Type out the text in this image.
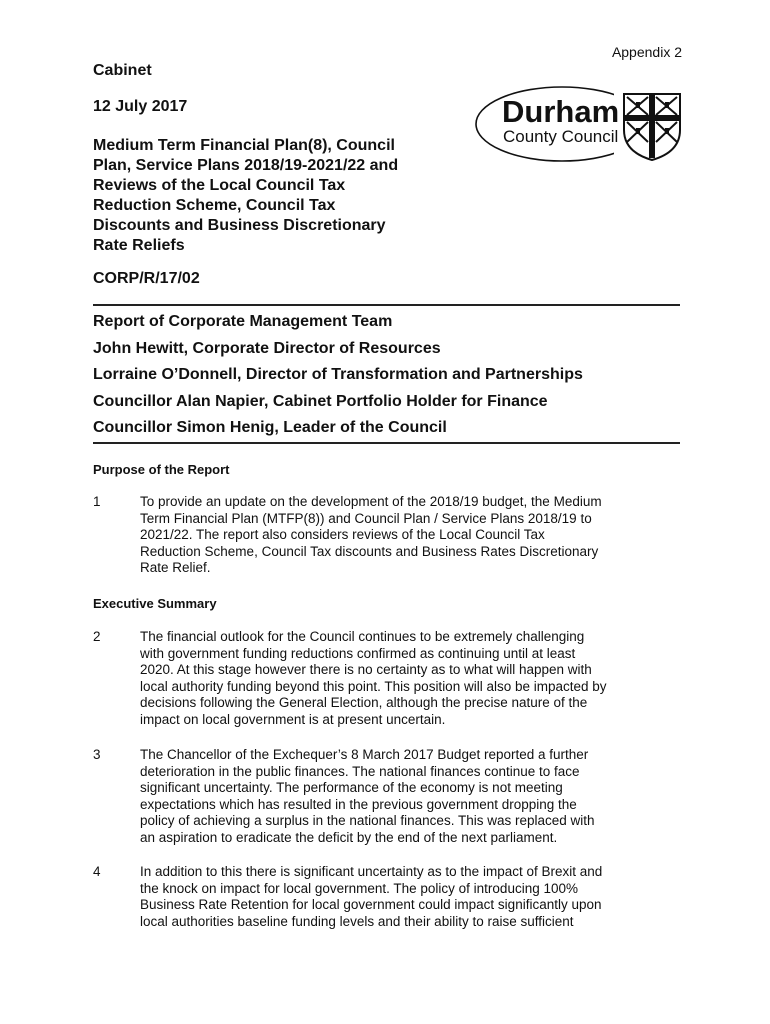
Appendix 2
Cabinet
12 July 2017
Medium Term Financial Plan(8), Council
Plan, Service Plans 2018/19-2021/22 and
Reviews of the Local Council Tax
Reduction Scheme, Council Tax
Discounts and Business Discretionary
Rate Reliefs
CORP/R/17/02
Durham
County Council
Report of Corporate Management Team
John Hewitt, Corporate Director of Resources
Lorraine O’Donnell, Director of Transformation and Partnerships
Councillor Alan Napier, Cabinet Portfolio Holder for Finance
Councillor Simon Henig, Leader of the Council
Purpose of the Report
1	To provide an update on the development of the 2018/19 budget, the Medium
Term Financial Plan (MTFP(8)) and Council Plan / Service Plans 2018/19 to
2021/22. The report also considers reviews of the Local Council Tax
Reduction Scheme, Council Tax discounts and Business Rates Discretionary
Rate Relief.
Executive Summary
2	The financial outlook for the Council continues to be extremely challenging
with government funding reductions confirmed as continuing until at least
2020. At this stage however there is no certainty as to what will happen with
local authority funding beyond this point. This position will also be impacted by
decisions following the General Election, although the precise nature of the
impact on local government is at present uncertain.
3	The Chancellor of the Exchequer’s 8 March 2017 Budget reported a further
deterioration in the public finances. The national finances continue to face
significant uncertainty. The performance of the economy is not meeting
expectations which has resulted in the previous government dropping the
policy of achieving a surplus in the national finances. This was replaced with
an aspiration to eradicate the deficit by the end of the next parliament.
4	In addition to this there is significant uncertainty as to the impact of Brexit and
the knock on impact for local government. The policy of introducing 100%
Business Rate Retention for local government could impact significantly upon
local authorities baseline funding levels and their ability to raise sufficient
